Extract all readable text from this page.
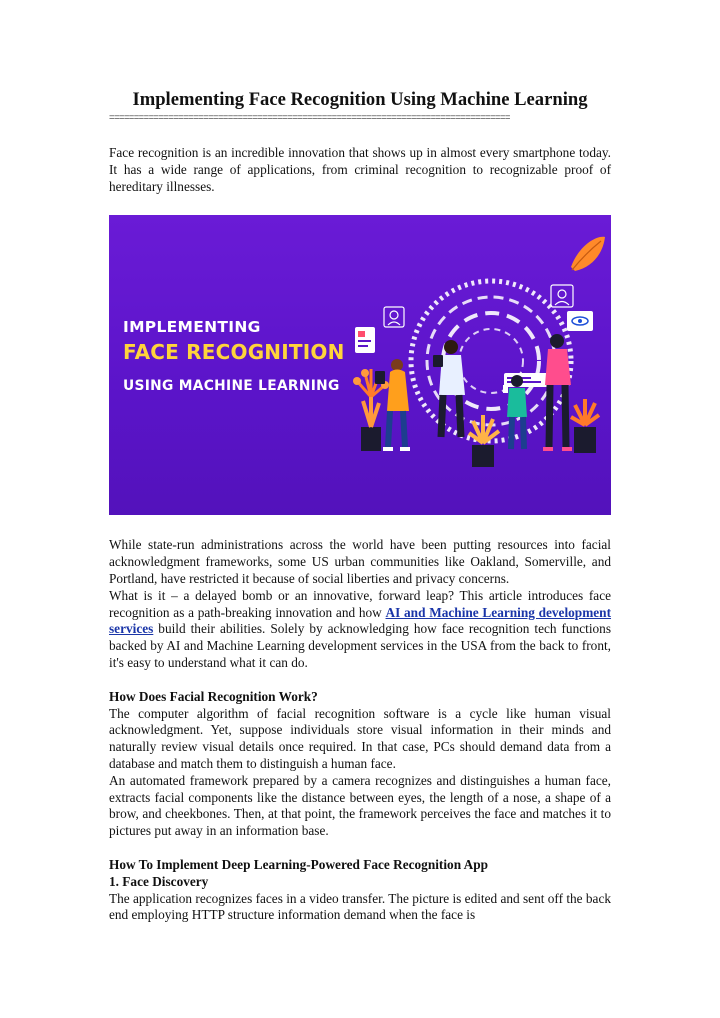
Implementing Face Recognition Using Machine Learning
=================================================================================

Face recognition is an incredible innovation that shows up in almost every smartphone today. It has a wide range of applications, from criminal recognition to recognizable proof of hereditary illnesses.

IMPLEMENTING
FACE RECOGNITION
USING MACHINE LEARNING

While state-run administrations across the world have been putting resources into facial acknowledgment frameworks, some US urban communities like Oakland, Somerville, and Portland, have restricted it because of social liberties and privacy concerns.

What is it – a delayed bomb or an innovative, forward leap? This article introduces face recognition as a path-breaking innovation and how AI and Machine Learning development services build their abilities. Solely by acknowledging how face recognition tech functions backed by AI and Machine Learning development services in the USA from the back to front, it's easy to understand what it can do.

How Does Facial Recognition Work?

The computer algorithm of facial recognition software is a cycle like human visual acknowledgment. Yet, suppose individuals store visual information in their minds and naturally review visual details once required. In that case, PCs should demand data from a database and match them to distinguish a human face.

An automated framework prepared by a camera recognizes and distinguishes a human face, extracts facial components like the distance between eyes, the length of a nose, a shape of a brow, and cheekbones. Then, at that point, the framework perceives the face and matches it to pictures put away in an information base.

How To Implement Deep Learning-Powered Face Recognition App

1. Face Discovery

The application recognizes faces in a video transfer. The picture is edited and sent off the back end employing HTTP structure information demand when the face is
